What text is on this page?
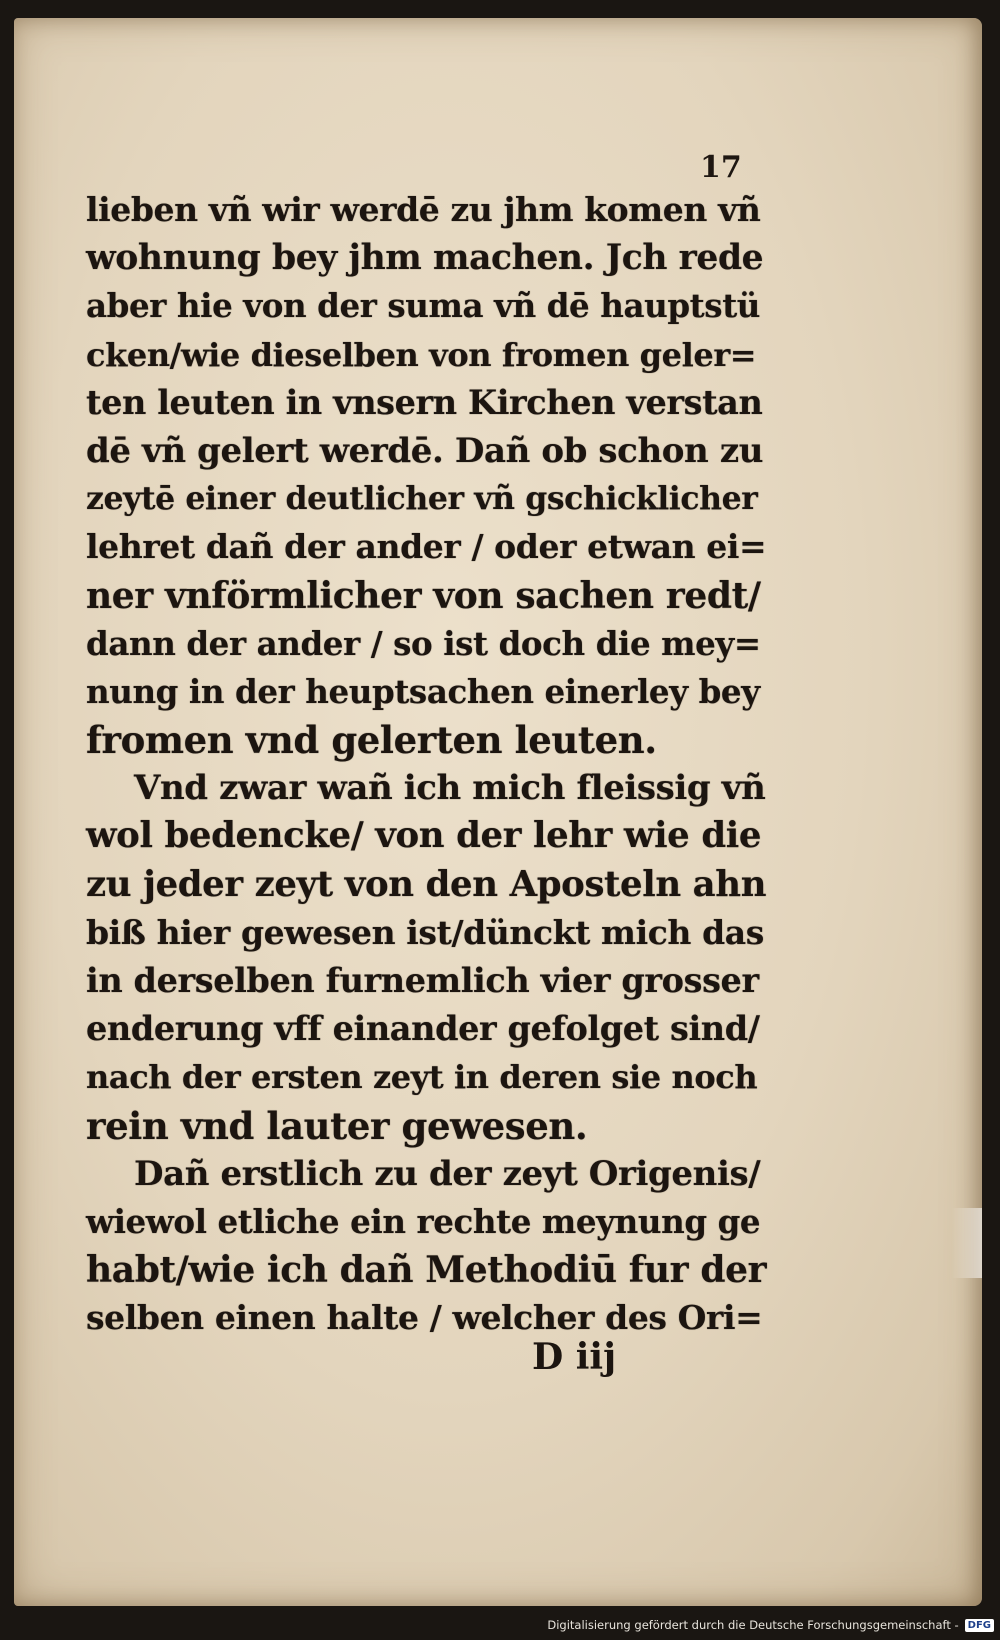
17
lieben vñ wir werdē zu jhm komen vñ
wohnung bey jhm machen. Jch rede
aber hie von der suma vñ dē hauptstü
cken/wie dieselben von fromen geler=
ten leuten in vnsern Kirchen verstan
dē vñ gelert werdē. Dañ ob schon zu
zeytē einer deutlicher vñ gschicklicher
lehret dañ der ander / oder etwan ei=
ner vnförmlicher von sachen redt/
dann der ander / so ist doch die mey=
nung in der heuptsachen einerley bey
fromen vnd gelerten leuten.
Vnd zwar wañ ich mich fleissig vñ
wol bedencke/ von der lehr wie die
zu jeder zeyt von den Aposteln ahn
biß hier gewesen ist/dünckt mich das
in derselben furnemlich vier grosser
enderung vff einander gefolget sind/
nach der ersten zeyt in deren sie noch
rein vnd lauter gewesen.
Dañ erstlich zu der zeyt Origenis/
wiewol etliche ein rechte meynung ge
habt/wie ich dañ Methodiū fur der
selben einen halte / welcher des Ori=
D iij
Digitalisierung gefördert durch die Deutsche Forschungsgemeinschaft - DFG
